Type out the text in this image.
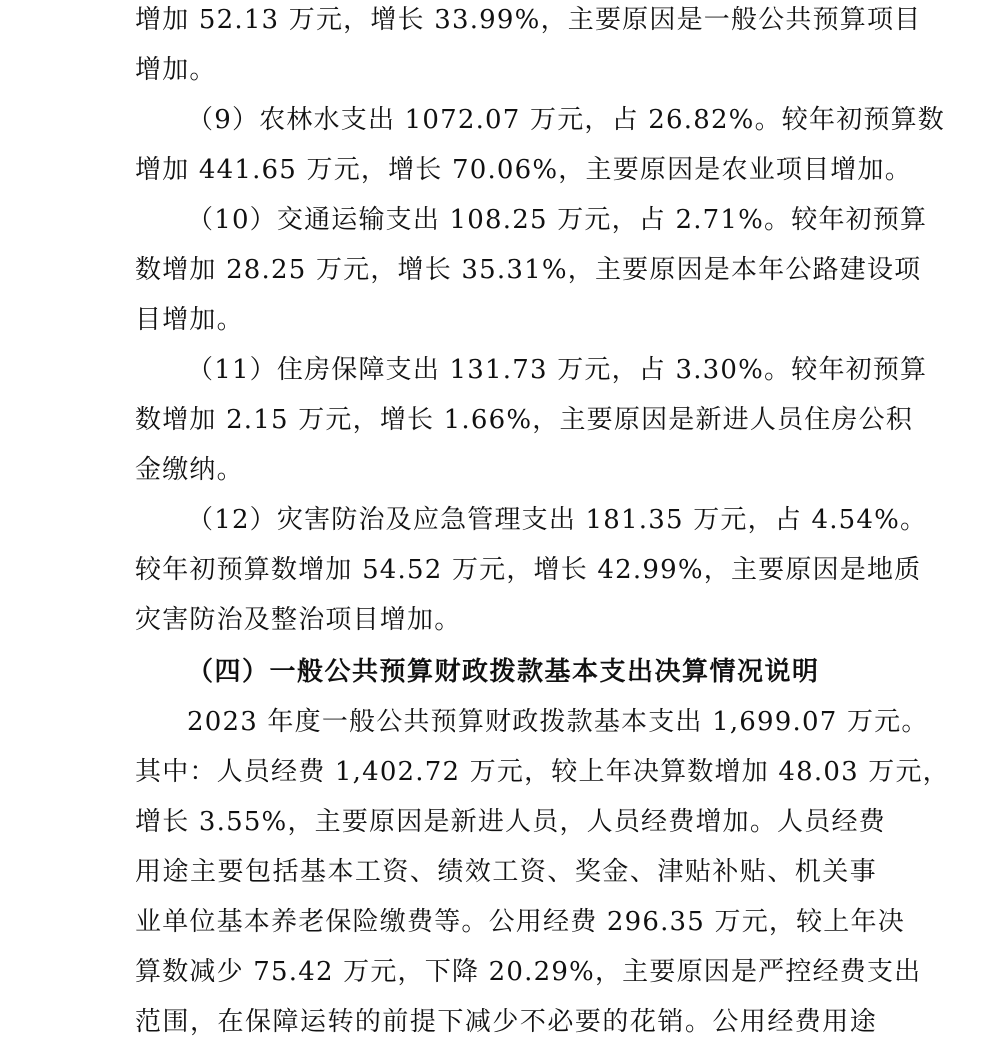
增加 52.13 万元，增长 33.99%，主要原因是一般公共预算项目
增加。
（9）农林水支出 1072.07 万元，占 26.82%。较年初预算数
增加 441.65 万元，增长 70.06%，主要原因是农业项目增加。
（10）交通运输支出 108.25 万元，占 2.71%。较年初预算
数增加 28.25 万元，增长 35.31%，主要原因是本年公路建设项
目增加。
（11）住房保障支出 131.73 万元，占 3.30%。较年初预算
数增加 2.15 万元，增长 1.66%，主要原因是新进人员住房公积
金缴纳。
（12）灾害防治及应急管理支出 181.35 万元，占 4.54%。
较年初预算数增加 54.52 万元，增长 42.99%，主要原因是地质
灾害防治及整治项目增加。
（四）一般公共预算财政拨款基本支出决算情况说明
2023 年度一般公共预算财政拨款基本支出 1,699.07 万元。
其中：人员经费 1,402.72 万元，较上年决算数增加 48.03 万元，
增长 3.55%，主要原因是新进人员，人员经费增加。人员经费
用途主要包括基本工资、绩效工资、奖金、津贴补贴、机关事
业单位基本养老保险缴费等。公用经费 296.35 万元，较上年决
算数减少 75.42 万元，下降 20.29%，主要原因是严控经费支出
范围，在保障运转的前提下减少不必要的花销。公用经费用途
